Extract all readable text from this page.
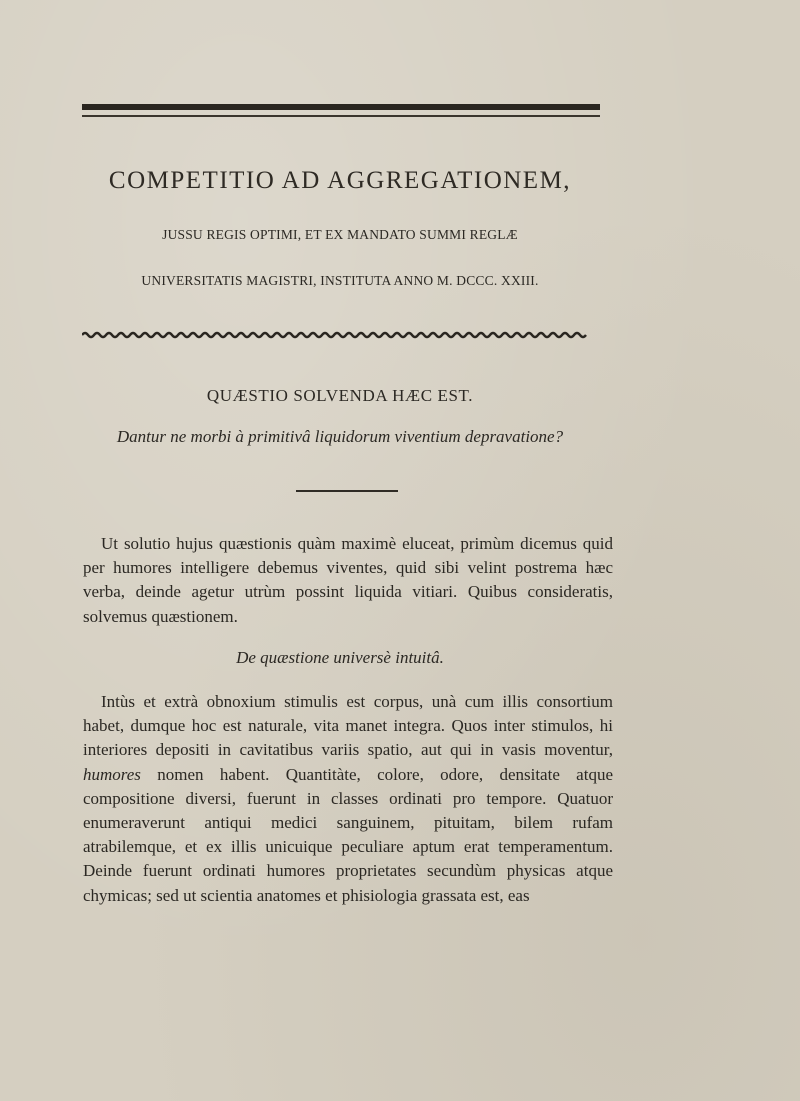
COMPETITIO AD AGGREGATIONEM,
JUSSU REGIS OPTIMI, ET EX MANDATO SUMMI REGLÆ
UNIVERSITATIS MAGISTRI, INSTITUTA ANNO M. DCCC. XXIII.
QUÆSTIO SOLVENDA HÆC EST.
Dantur ne morbi à primitivâ liquidorum viventium depravatione?

Ut solutio hujus quæstionis quàm maximè eluceat, primùm dicemus quid per humores intelligere debemus viventes, quid sibi velint postrema hæc verba, deinde agetur utrùm possint liquida vitiari. Quibus consideratis, solvemus quæstionem.

De quæstione universè intuitâ.

Intùs et extrà obnoxium stimulis est corpus, unà cum illis consortium habet, dumque hoc est naturale, vita manet integra. Quos inter stimulos, hi interiores depositi in cavitatibus variis spatio, aut qui in vasis moventur, humores nomen habent. Quantitàte, colore, odore, densitate atque compositione diversi, fuerunt in classes ordinati pro tempore. Quatuor enumeraverunt antiqui medici sanguinem, pituitam, bilem rufam atrabilemque, et ex illis unicuique peculiare aptum erat temperamentum. Deinde fuerunt ordinati humores proprietates secundùm physicas atque chymicas; sed ut scientia anatomes et phisiologia grassata est, eas
